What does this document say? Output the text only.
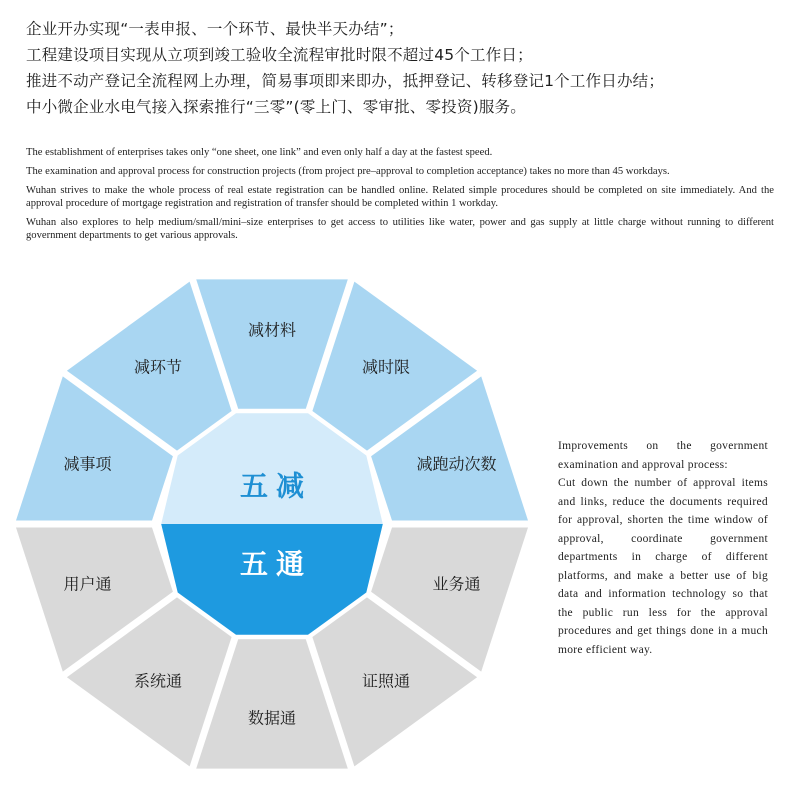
企业开办实现“一表申报、一个环节、最快半天办结”；
工程建设项目实现从立项到竣工验收全流程审批时限不超过45个工作日；
推进不动产登记全流程网上办理，简易事项即来即办，抵押登记、转移登记1个工作日办结；
中小微企业水电气接入探索推行“三零”(零上门、零审批、零投资)服务。
The establishment of enterprises takes only “one sheet, one link” and even only half a day at the fastest speed.
The examination and approval process for construction projects (from project pre–approval to completion acceptance) takes no more than 45 workdays.
Wuhan strives to make the whole process of real estate registration can be handled online. Related simple procedures should be completed on site immediately. And the approval procedure of mortgage registration and registration of transfer should be completed within 1 workday.
Wuhan also explores to help medium/small/mini–size enterprises to get access to utilities like water, power and gas supply at little charge without running to different government departments to get various approvals.
减材料
减时限
减跑动次数
业务通
证照通
数据通
系统通
用户通
减事项
减环节
五减
五通
Improvements on the government examination and approval process:
Cut down the number of approval items and links, reduce the documents required for approval, shorten the time window of approval, coordinate government departments in charge of different platforms, and make a better use of big data and information technology so that the public run less for the approval procedures and get things done in a much more efficient way.
